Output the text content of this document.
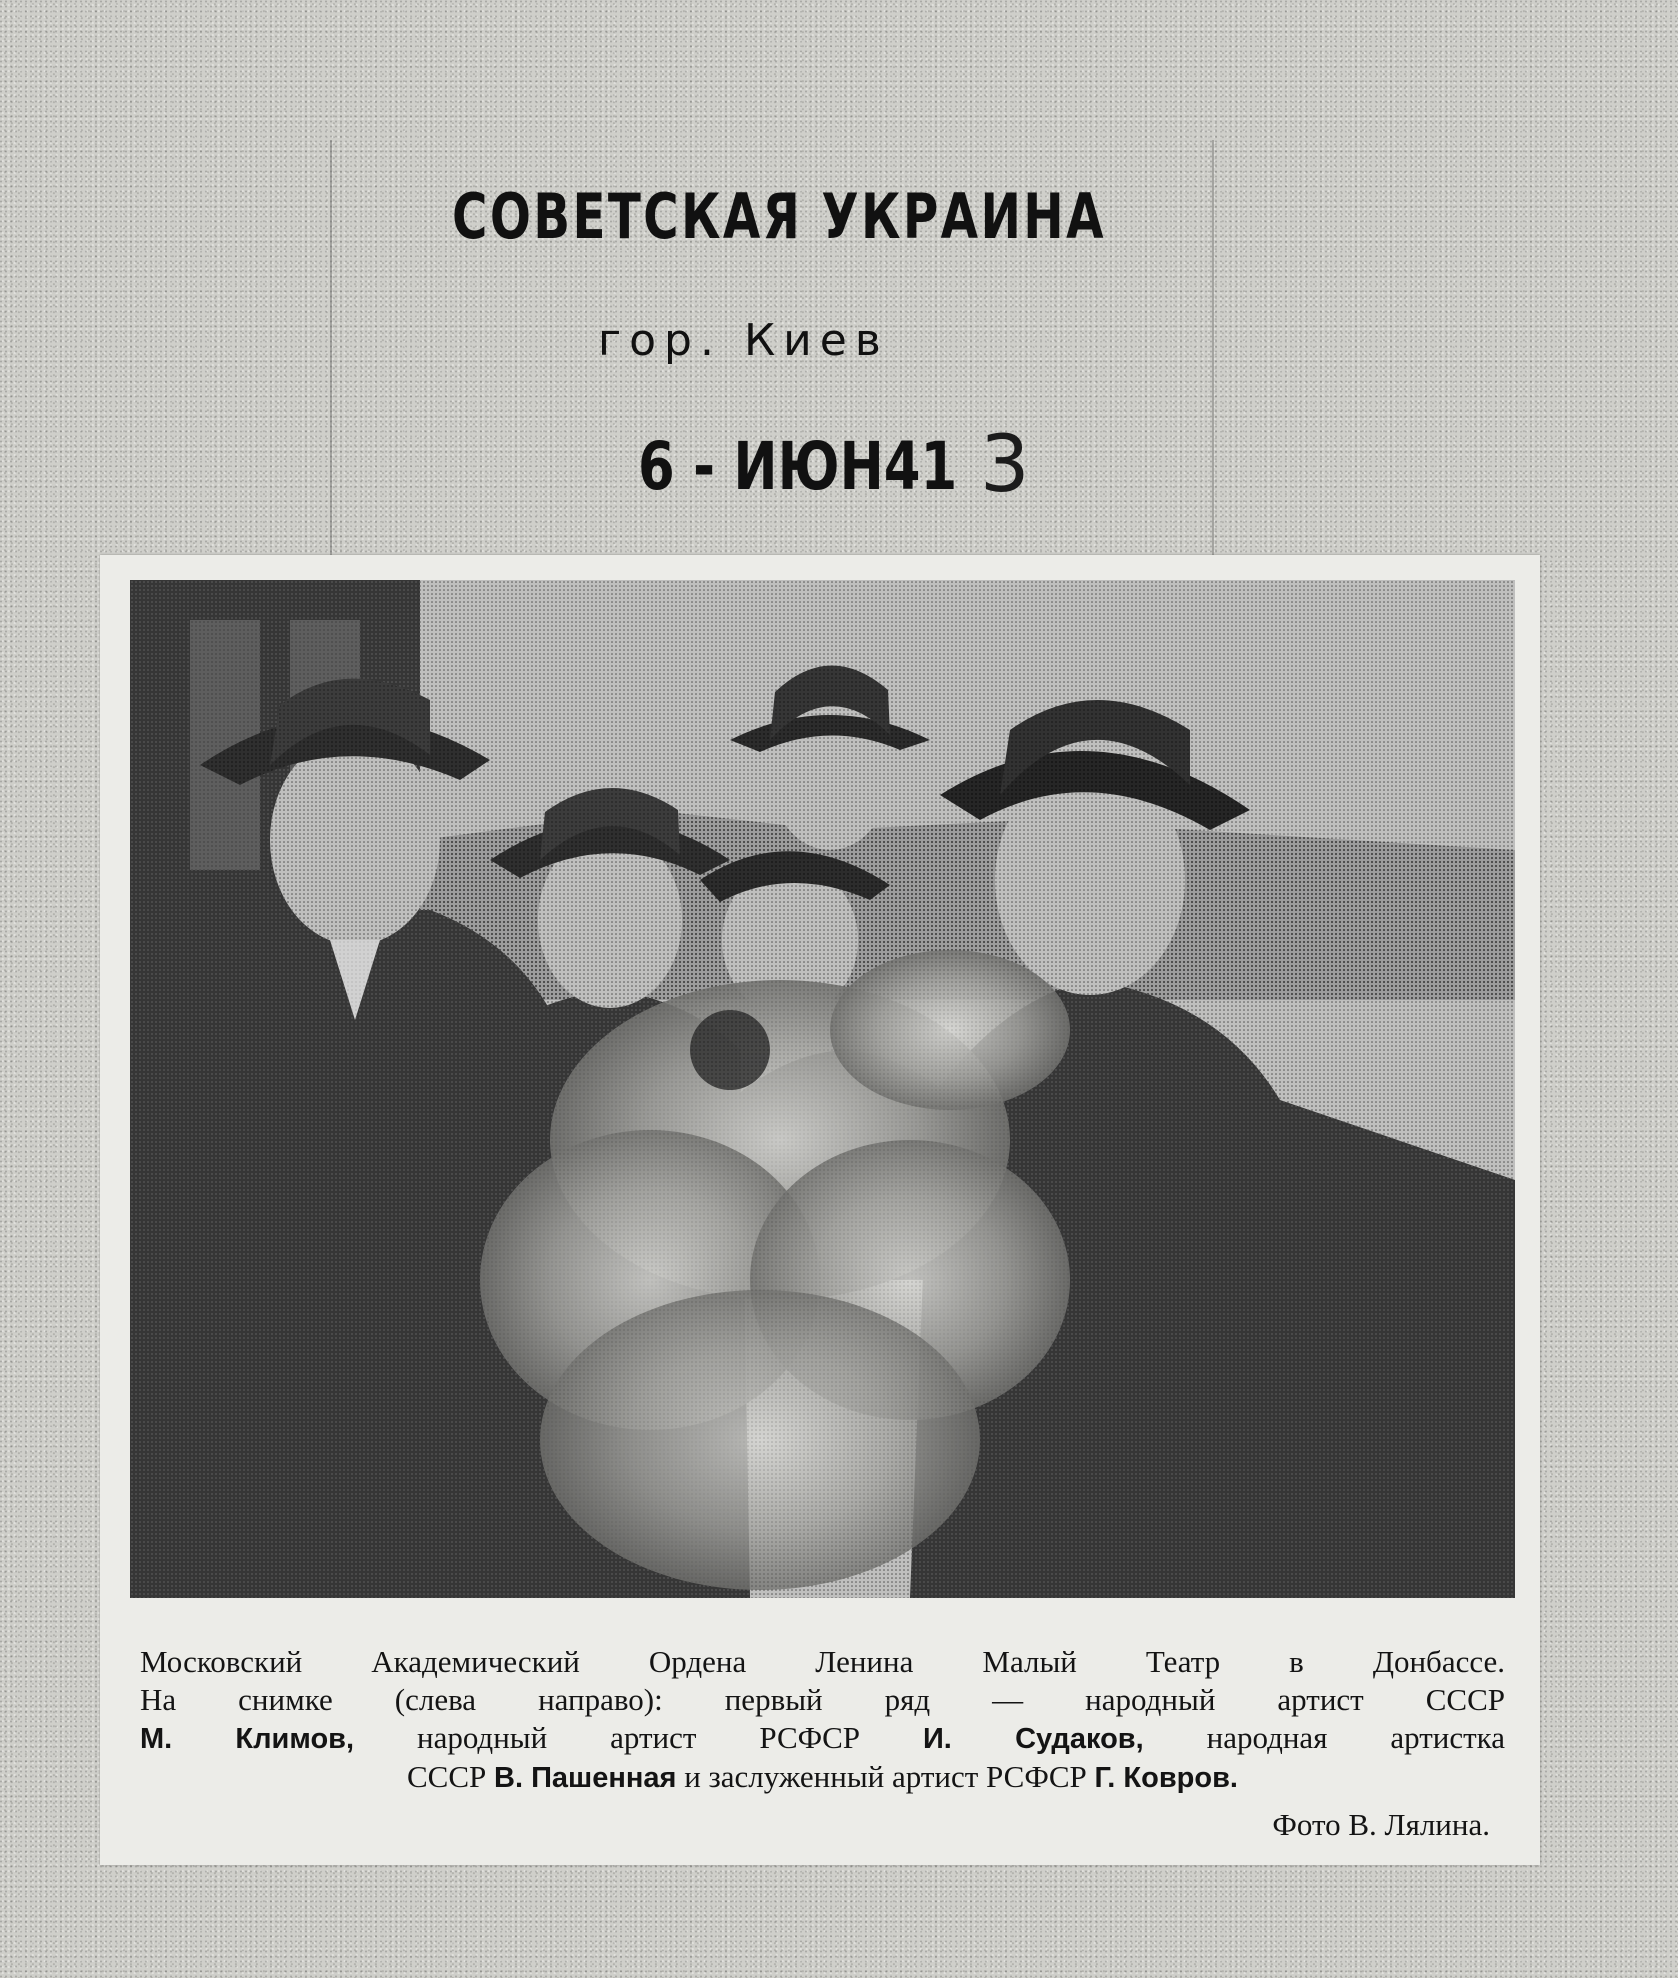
СОВЕТСКАЯ УКРАИНА
гор. Киев
6 - ИЮН41 3
Московский Академический Ордена Ленина Малый Театр в Донбассе.
На снимке (слева направо): первый ряд — народный артист СССР
М. Климов, народный артист РСФСР И. Судаков, народная артистка
СССР В. Пашенная и заслуженный артист РСФСР Г. Ковров.
Фото В. Лялина.
